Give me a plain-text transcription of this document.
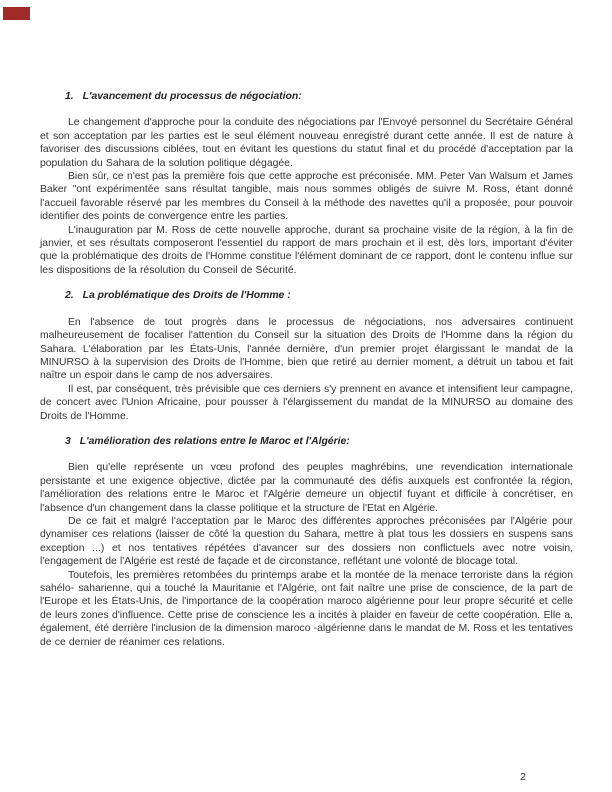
1. L'avancement du processus de négociation:

Le changement d'approche pour la conduite des négociations par l'Envoyé personnel du Secrétaire Général et son acceptation par les parties est le seul élément nouveau enregistré durant cette année. Il est de nature à favoriser des discussions ciblées, tout en évitant les questions du statut final et du procédé d'acceptation par la population du Sahara de la solution politique dégagée.

Bien sûr, ce n'est pas la première fois que cette approche est préconisée. MM. Peter Van Walsum et James Baker "ont expérimentée sans résultat tangible, mais nous sommes obligés de suivre M. Ross, étant donné l'accueil favorable réservé par les membres du Conseil à la méthode des navettes qu'il a proposée, pour pouvoir identifier des points de convergence entre les parties.

L'inauguration par M. Ross de cette nouvelle approche, durant sa prochaine visite de la région, à la fin de janvier, et ses résultats composeront l'essentiel du rapport de mars prochain et il est, dès lors, important d'éviter que la problématique des droits de l'Homme constitue l'élément dominant de ce rapport, dont le contenu influe sur les dispositions de la résolution du Conseil de Sécurité.

2. La problématique des Droits de l'Homme :

En l'absence de tout progrès dans le processus de négociations, nos adversaires continuent malheureusement de focaliser l'attention du Conseil sur la situation des Droits de l'Homme dans la région du Sahara. L'élaboration par les États-Unis, l'année dernière, d'un premier projet élargissant le mandat de la MINURSO à la supervision des Droits de l'Homme, bien que retiré au dernier moment, a détruit un tabou et fait naître un espoir dans le camp de nos adversaires.

Il est, par conséquent, très prévisible que ces derniers s'y prennent en avance et intensifient leur campagne, de concert avec l'Union Africaine, pour pousser à l'élargissement du mandat de la MINURSO au domaine des Droits de l'Homme.

3 L'amélioration des relations entre le Maroc et l'Algérie:

Bien qu'elle représente un vœu profond des peuples maghrébins, une revendication internationale persistante et une exigence objective, dictée par la communauté des défis auxquels est confrontée la région, l'amélioration des relations entre le Maroc et l'Algérie demeure un objectif fuyant et difficile à concrétiser, en l'absence d'un changement dans la classe politique et la structure de l'Etat en Algérie.

De ce fait et malgré l'acceptation par le Maroc des différentes approches préconisées par l'Algérie pour dynamiser ces relations (laisser de côté la question du Sahara, mettre à plat tous les dossiers en suspens sans exception ...) et nos tentatives répétées d'avancer sur des dossiers non conflictuels avec notre voisin, l'engagement de l'Algérie est resté de façade et de circonstance, reflétant une volonté de blocage total.

Toutefois, les premières retombées du printemps arabe et la montée de la menace terroriste dans la région sahélo- saharienne, qui a touché la Mauritanie et l'Algérie, ont fait naître une prise de conscience, de la part de l'Europe et les États-Unis, de l'importance de la coopération maroco algérienne pour leur propre sécurité et celle de leurs zones d'influence. Cette prise de conscience les a incités à plaider en faveur de cette coopération. Elle a, également, été derrière l'inclusion de la dimension maroco -algérienne dans le mandat de M. Ross et les tentatives de ce dernier de réanimer ces relations.

2
